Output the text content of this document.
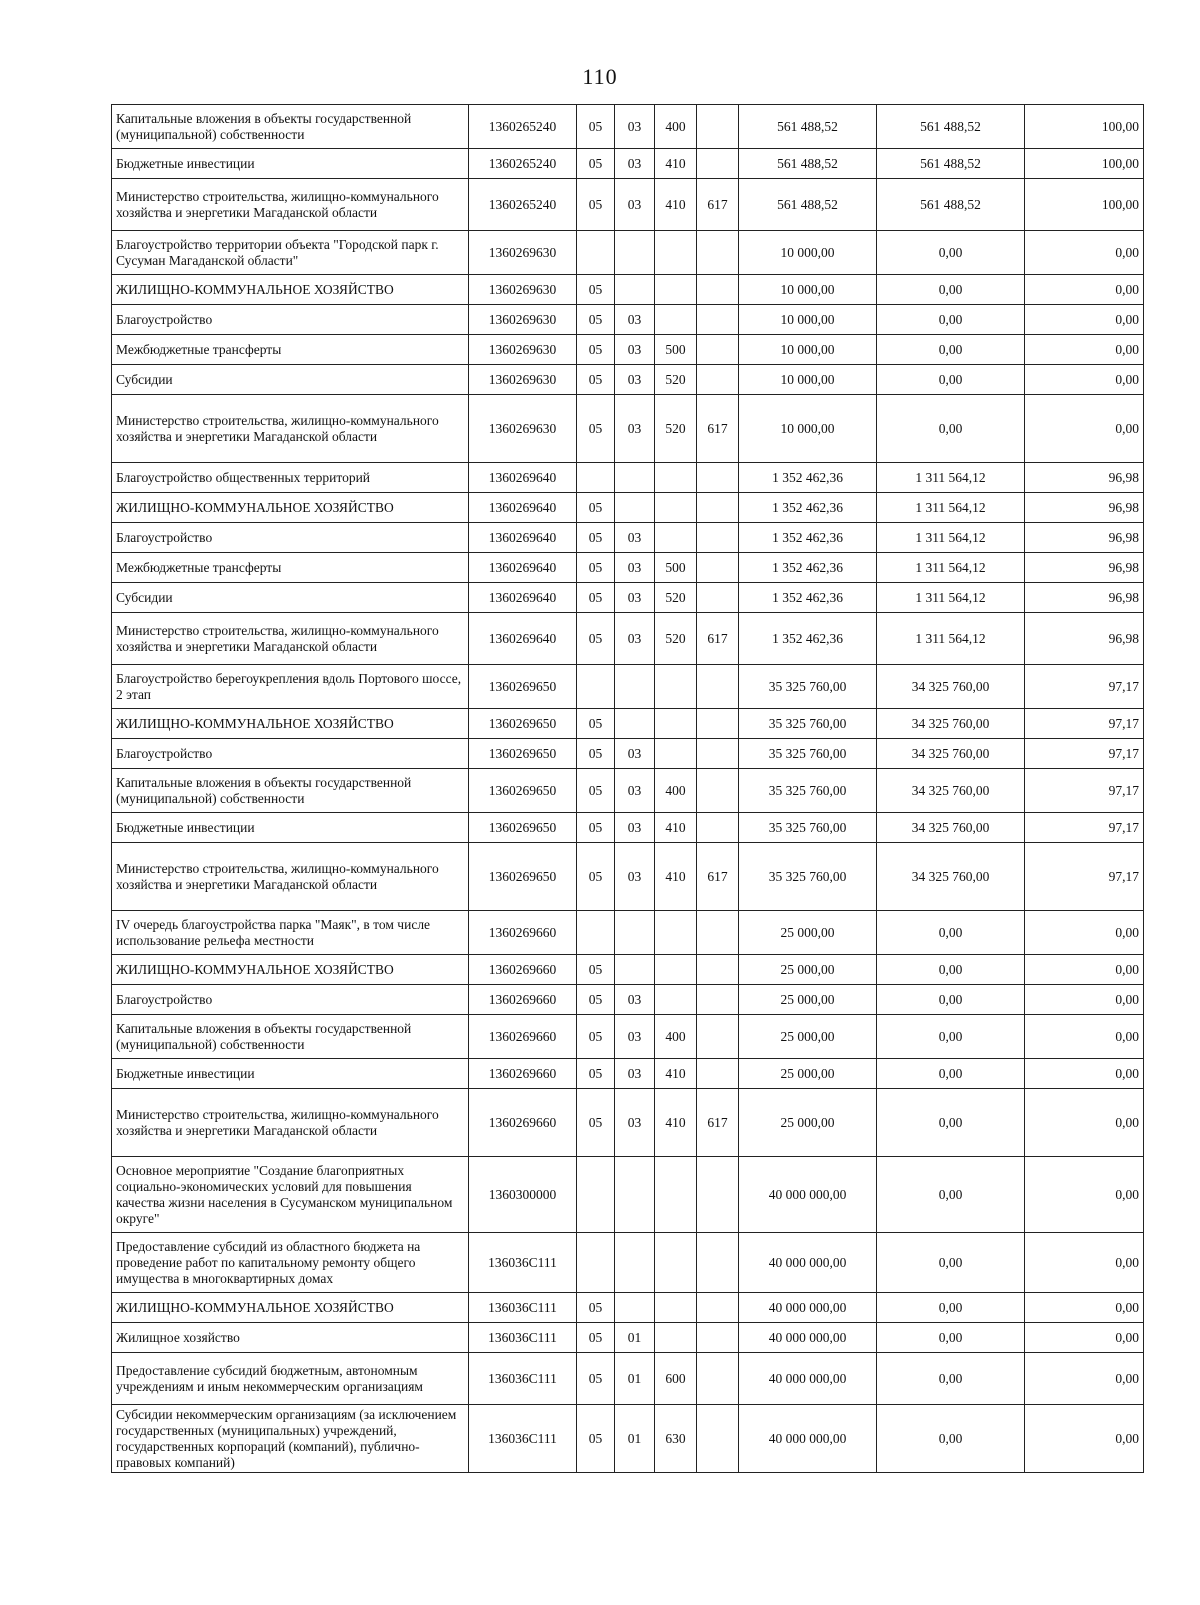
110
Капитальные вложения в объекты государственной (муниципальной) собственности	1360265240	05	03	400		561 488,52	561 488,52	100,00
Бюджетные инвестиции	1360265240	05	03	410		561 488,52	561 488,52	100,00
Министерство строительства, жилищно-коммунального хозяйства и энергетики Магаданской области	1360265240	05	03	410	617	561 488,52	561 488,52	100,00
Благоустройство территории объекта "Городской парк г. Сусуман Магаданской области"	1360269630					10 000,00	0,00	0,00
ЖИЛИЩНО-КОММУНАЛЬНОЕ ХОЗЯЙСТВО	1360269630	05				10 000,00	0,00	0,00
Благоустройство	1360269630	05	03			10 000,00	0,00	0,00
Межбюджетные трансферты	1360269630	05	03	500		10 000,00	0,00	0,00
Субсидии	1360269630	05	03	520		10 000,00	0,00	0,00
Министерство строительства, жилищно-коммунального хозяйства и энергетики Магаданской области	1360269630	05	03	520	617	10 000,00	0,00	0,00
Благоустройство общественных территорий	1360269640					1 352 462,36	1 311 564,12	96,98
ЖИЛИЩНО-КОММУНАЛЬНОЕ ХОЗЯЙСТВО	1360269640	05				1 352 462,36	1 311 564,12	96,98
Благоустройство	1360269640	05	03			1 352 462,36	1 311 564,12	96,98
Межбюджетные трансферты	1360269640	05	03	500		1 352 462,36	1 311 564,12	96,98
Субсидии	1360269640	05	03	520		1 352 462,36	1 311 564,12	96,98
Министерство строительства, жилищно-коммунального хозяйства и энергетики Магаданской области	1360269640	05	03	520	617	1 352 462,36	1 311 564,12	96,98
Благоустройство берегоукрепления вдоль Портового шоссе, 2 этап	1360269650					35 325 760,00	34 325 760,00	97,17
ЖИЛИЩНО-КОММУНАЛЬНОЕ ХОЗЯЙСТВО	1360269650	05				35 325 760,00	34 325 760,00	97,17
Благоустройство	1360269650	05	03			35 325 760,00	34 325 760,00	97,17
Капитальные вложения в объекты государственной (муниципальной) собственности	1360269650	05	03	400		35 325 760,00	34 325 760,00	97,17
Бюджетные инвестиции	1360269650	05	03	410		35 325 760,00	34 325 760,00	97,17
Министерство строительства, жилищно-коммунального хозяйства и энергетики Магаданской области	1360269650	05	03	410	617	35 325 760,00	34 325 760,00	97,17
IV очередь благоустройства парка "Маяк", в том числе использование рельефа местности	1360269660					25 000,00	0,00	0,00
ЖИЛИЩНО-КОММУНАЛЬНОЕ ХОЗЯЙСТВО	1360269660	05				25 000,00	0,00	0,00
Благоустройство	1360269660	05	03			25 000,00	0,00	0,00
Капитальные вложения в объекты государственной (муниципальной) собственности	1360269660	05	03	400		25 000,00	0,00	0,00
Бюджетные инвестиции	1360269660	05	03	410		25 000,00	0,00	0,00
Министерство строительства, жилищно-коммунального хозяйства и энергетики Магаданской области	1360269660	05	03	410	617	25 000,00	0,00	0,00
Основное мероприятие "Создание благоприятных социально-экономических условий для повышения качества жизни населения в Сусуманском муниципальном округе"	1360300000					40 000 000,00	0,00	0,00
Предоставление субсидий из областного бюджета на проведение работ по капитальному ремонту общего имущества в многоквартирных домах	136036С111					40 000 000,00	0,00	0,00
ЖИЛИЩНО-КОММУНАЛЬНОЕ ХОЗЯЙСТВО	136036С111	05				40 000 000,00	0,00	0,00
Жилищное хозяйство	136036С111	05	01			40 000 000,00	0,00	0,00
Предоставление субсидий бюджетным, автономным учреждениям и иным некоммерческим организациям	136036С111	05	01	600		40 000 000,00	0,00	0,00
Субсидии некоммерческим организациям (за исключением государственных (муниципальных) учреждений, государственных корпораций (компаний), публично-правовых компаний)	136036С111	05	01	630		40 000 000,00	0,00	0,00
